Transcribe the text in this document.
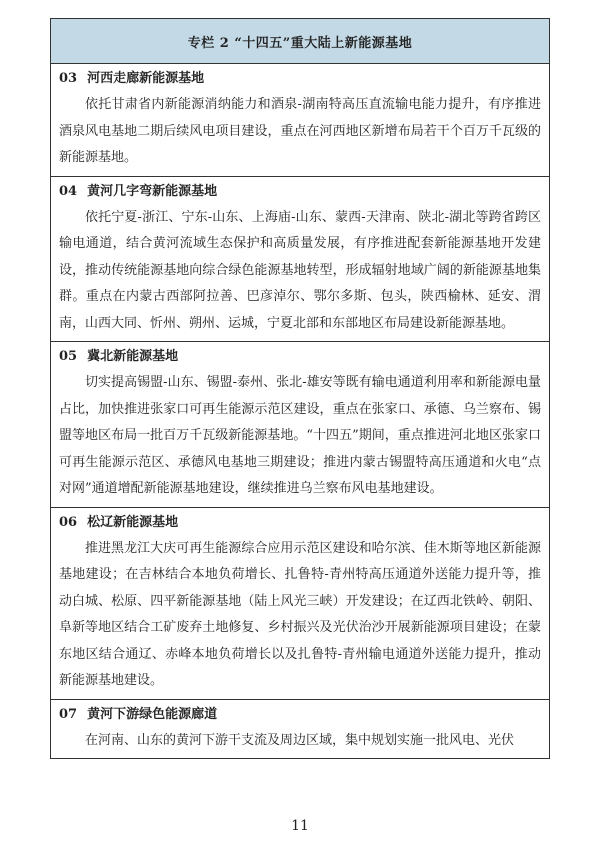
专栏 2 “十四五”重大陆上新能源基地
03 河西走廊新能源基地

依托甘肃省内新能源消纳能力和酒泉-湖南特高压直流输电能力提升，有序推进酒泉风电基地二期后续风电项目建设，重点在河西地区新增布局若干个百万千瓦级的新能源基地。

04 黄河几字弯新能源基地

依托宁夏-浙江、宁东-山东、上海庙-山东、蒙西-天津南、陕北-湖北等跨省跨区输电通道，结合黄河流域生态保护和高质量发展，有序推进配套新能源基地开发建设，推动传统能源基地向综合绿色能源基地转型，形成辐射地域广阔的新能源基地集群。重点在内蒙古西部阿拉善、巴彦淖尔、鄂尔多斯、包头，陕西榆林、延安、渭南，山西大同、忻州、朔州、运城，宁夏北部和东部地区布局建设新能源基地。

05 冀北新能源基地

切实提高锡盟-山东、锡盟-泰州、张北-雄安等既有输电通道利用率和新能源电量占比，加快推进张家口可再生能源示范区建设，重点在张家口、承德、乌兰察布、锡盟等地区布局一批百万千瓦级新能源基地。“十四五”期间，重点推进河北地区张家口可再生能源示范区、承德风电基地三期建设；推进内蒙古锡盟特高压通道和火电“点对网”通道增配新能源基地建设，继续推进乌兰察布风电基地建设。

06 松辽新能源基地

推进黑龙江大庆可再生能源综合应用示范区建设和哈尔滨、佳木斯等地区新能源基地建设；在吉林结合本地负荷增长、扎鲁特-青州特高压通道外送能力提升等，推动白城、松原、四平新能源基地（陆上风光三峡）开发建设；在辽西北铁岭、朝阳、阜新等地区结合工矿废弃土地修复、乡村振兴及光伏治沙开展新能源项目建设；在蒙东地区结合通辽、赤峰本地负荷增长以及扎鲁特-青州输电通道外送能力提升，推动新能源基地建设。

07 黄河下游绿色能源廊道

在河南、山东的黄河下游干支流及周边区域，集中规划实施一批风电、光伏

11
